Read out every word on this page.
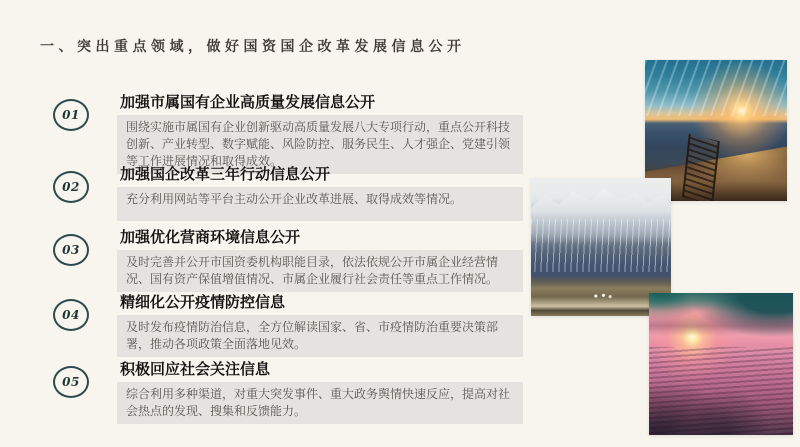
一、突出重点领域，做好国资国企改革发展信息公开
01
加强市属国有企业高质量发展信息公开

围绕实施市属国有企业创新驱动高质量发展八大专项行动，重点公开科技创新、产业转型、数字赋能、风险防控、服务民生、人才强企、党建引领等工作进展情况和取得成效。

02
加强国企改革三年行动信息公开

充分利用网站等平台主动公开企业改革进展、取得成效等情况。

03
加强优化营商环境信息公开

及时完善并公开市国资委机构职能目录，依法依规公开市属企业经营情况、国有资产保值增值情况、市属企业履行社会责任等重点工作情况。

04
精细化公开疫情防控信息

及时发布疫情防治信息，全方位解读国家、省、市疫情防治重要决策部署，推动各项政策全面落地见效。

05
积极回应社会关注信息

综合利用多种渠道，对重大突发事件、重大政务舆情快速反应，提高对社会热点的发现、搜集和反馈能力。
